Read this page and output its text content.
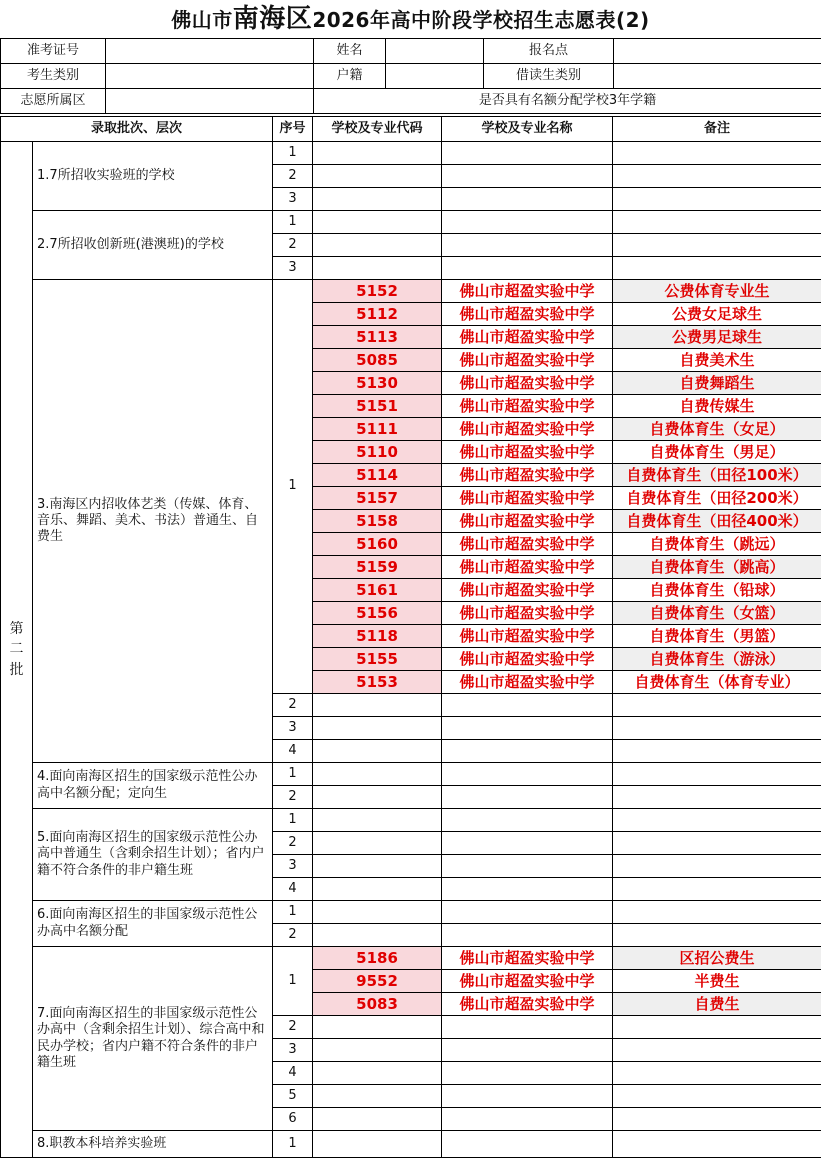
佛山市南海区2026年高中阶段学校招生志愿表(2)
准考证号		姓名		报名点	
考生类别		户籍		借读生类别	
志愿所属区		是否具有名额分配学校3年学籍			
录取批次、层次		序号	学校及专业代码	学校及专业名称	备注

第
二
批	1.7所招收实验班的学校	1			
		2			
		3			
	2.7所招收创新班(港澳班)的学校	1			
		2			
		3			
	3.南海区内招收体艺类（传媒、体育、音乐、舞蹈、美术、书法）普通生、自费生	1	5152	佛山市超盈实验中学	公费体育专业生
			5112	佛山市超盈实验中学	公费女足球生
			5113	佛山市超盈实验中学	公费男足球生
			5085	佛山市超盈实验中学	自费美术生
			5130	佛山市超盈实验中学	自费舞蹈生
			5151	佛山市超盈实验中学	自费传媒生
			5111	佛山市超盈实验中学	自费体育生（女足）
			5110	佛山市超盈实验中学	自费体育生（男足）
			5114	佛山市超盈实验中学	自费体育生（田径100米）
			5157	佛山市超盈实验中学	自费体育生（田径200米）
			5158	佛山市超盈实验中学	自费体育生（田径400米）
			5160	佛山市超盈实验中学	自费体育生（跳远）
			5159	佛山市超盈实验中学	自费体育生（跳高）
			5161	佛山市超盈实验中学	自费体育生（铅球）
			5156	佛山市超盈实验中学	自费体育生（女篮）
			5118	佛山市超盈实验中学	自费体育生（男篮）
			5155	佛山市超盈实验中学	自费体育生（游泳）
			5153	佛山市超盈实验中学	自费体育生（体育专业）
		2			
		3			
		4			
	4.面向南海区招生的国家级示范性公办高中名额分配；定向生	1			
		2			
	5.面向南海区招生的国家级示范性公办高中普通生（含剩余招生计划）；省内户籍不符合条件的非户籍生班	1			
		2			
		3			
		4			
	6.面向南海区招生的非国家级示范性公办高中名额分配	1			
		2			
	7.面向南海区招生的非国家级示范性公办高中（含剩余招生计划）、综合高中和民办学校；省内户籍不符合条件的非户籍生班	1	5186	佛山市超盈实验中学	区招公费生
			9552	佛山市超盈实验中学	半费生
			5083	佛山市超盈实验中学	自费生
		2			
		3			
		4			
		5			
		6			
	8.职教本科培养实验班	1			
